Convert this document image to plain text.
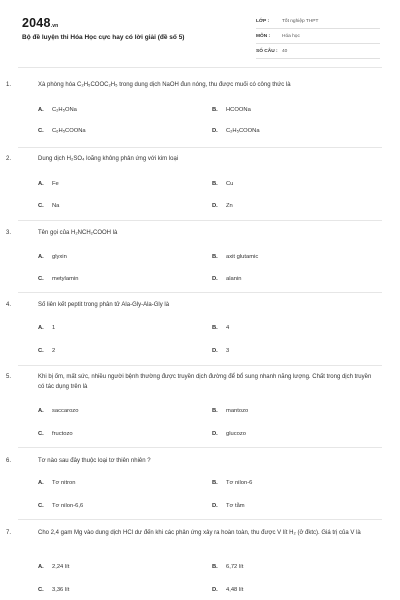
2048.vn
Bộ đề luyện thi Hóa Học cực hay có lời giải (đề số 5)
LỚP :	Tốt nghiệp THPT
MÔN :	Hóa học
SỐ CÂU : 40
1.	Xà phòng hóa C₂H₅COOC₂H₅ trong dung dịch NaOH đun nóng, thu được muối có công thức là
A. C₂H₅ONa	B. HCOONa
C. C₆H₅COONa	D. C₂H₅COONa
2.	Dung dịch H₂SO₄ loãng không phản ứng với kim loại
A. Fe	B. Cu
C. Na	D. Zn
3.	Tên gọi của H₂NCH₂COOH là
A. glyxin	B. axit glutamic
C. metylamin	D. alanin
4.	Số liên kết peptit trong phân tử Ala-Gly-Ala-Gly là
A. 1	B. 4
C. 2	D. 3
5.	Khi bị ốm, mất sức, nhiều người bệnh thường được truyền dịch đường để bổ sung nhanh năng lượng. Chất trong dịch truyền có tác dụng trên là
A. saccarozo	B. mantozo
C. fructozo	D. glucozo
6.	Tơ nào sau đây thuộc loại tơ thiên nhiên ?
A. Tơ nitron	B. Tơ nilon-6
C. Tơ nilon-6,6	D. Tơ tằm
7.	Cho 2,4 gam Mg vào dung dịch HCl dư đến khi các phản ứng xảy ra hoàn toàn, thu được V lít H₂ (ở đktc). Giá trị của V là
A. 2,24 lít	B. 6,72 lít
C. 3,36 lít	D. 4,48 lít
